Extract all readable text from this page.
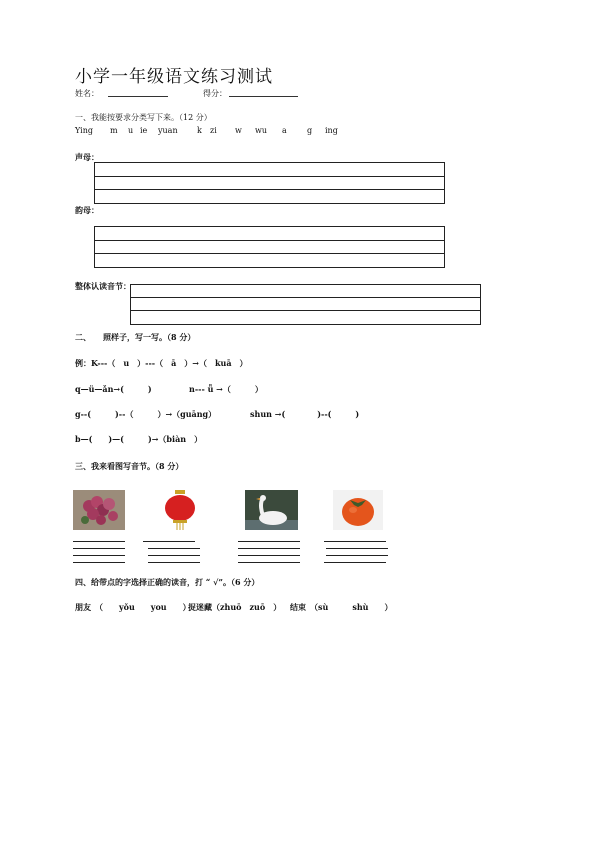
小学一年级语文练习测试
姓名：	得分：
一、我能按要求分类写下来。（12 分）
Ying m u ie yuan k zi w wu a	g ing
声母：
韵母：
整体认读音节：
二、　　照样子，写一写。（8 分）
例：K---（　u　）---（　ā　）→（　kuā　）
q—ü—ǎn→(　　　)	n--- ǚ →（　　　）
g--(　　　)--（　　　）→（guāng）	shun →(　　　　)--(　　　)
b—(　　)—(　　　)→（biàn　）
三、我来看图写音节。（8 分）
四、给带点的字选择正确的读音，打 “ √”。（6 分）
朋友　（　　yǒu　　you　　）
捉迷藏（zhuō　zuō　） 结束　（sù　　　shù　　）
